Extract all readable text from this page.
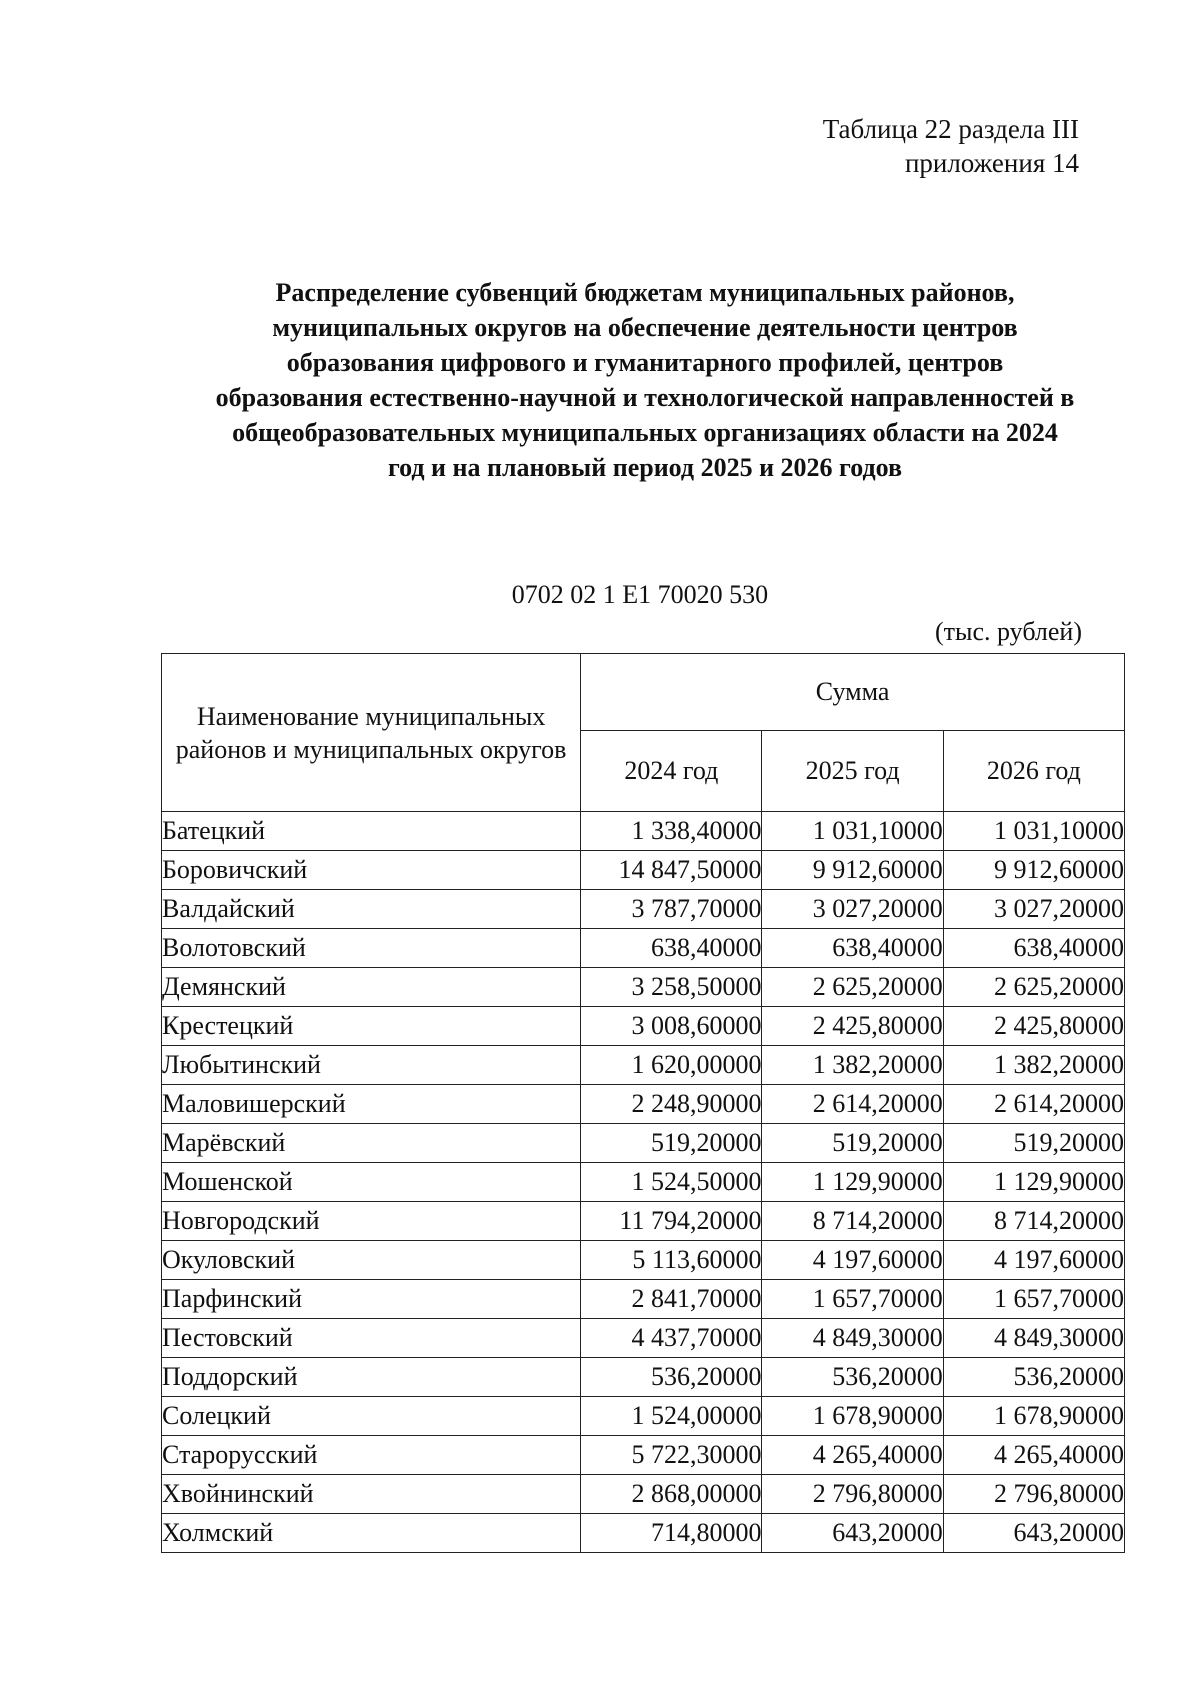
Таблица 22 раздела III
приложения 14
Распределение субвенций бюджетам муниципальных районов,
муниципальных округов на обеспечение деятельности центров
образования цифрового и гуманитарного профилей, центров
образования естественно-научной и технологической направленностей в
общеобразовательных муниципальных организациях области на 2024
год и на плановый период 2025 и 2026 годов
0702 02 1 E1 70020 530
(тыс. рублей)
Наименование муниципальных районов и муниципальных округов	Сумма		
	2024 год	2025 год	2026 год
Батецкий	1 338,40000	1 031,10000	1 031,10000
Боровичский	14 847,50000	9 912,60000	9 912,60000
Валдайский	3 787,70000	3 027,20000	3 027,20000
Волотовский	638,40000	638,40000	638,40000
Демянский	3 258,50000	2 625,20000	2 625,20000
Крестецкий	3 008,60000	2 425,80000	2 425,80000
Любытинский	1 620,00000	1 382,20000	1 382,20000
Маловишерский	2 248,90000	2 614,20000	2 614,20000
Марёвский	519,20000	519,20000	519,20000
Мошенской	1 524,50000	1 129,90000	1 129,90000
Новгородский	11 794,20000	8 714,20000	8 714,20000
Окуловский	5 113,60000	4 197,60000	4 197,60000
Парфинский	2 841,70000	1 657,70000	1 657,70000
Пестовский	4 437,70000	4 849,30000	4 849,30000
Поддорский	536,20000	536,20000	536,20000
Солецкий	1 524,00000	1 678,90000	1 678,90000
Старорусский	5 722,30000	4 265,40000	4 265,40000
Хвойнинский	2 868,00000	2 796,80000	2 796,80000
Холмский	714,80000	643,20000	643,20000
